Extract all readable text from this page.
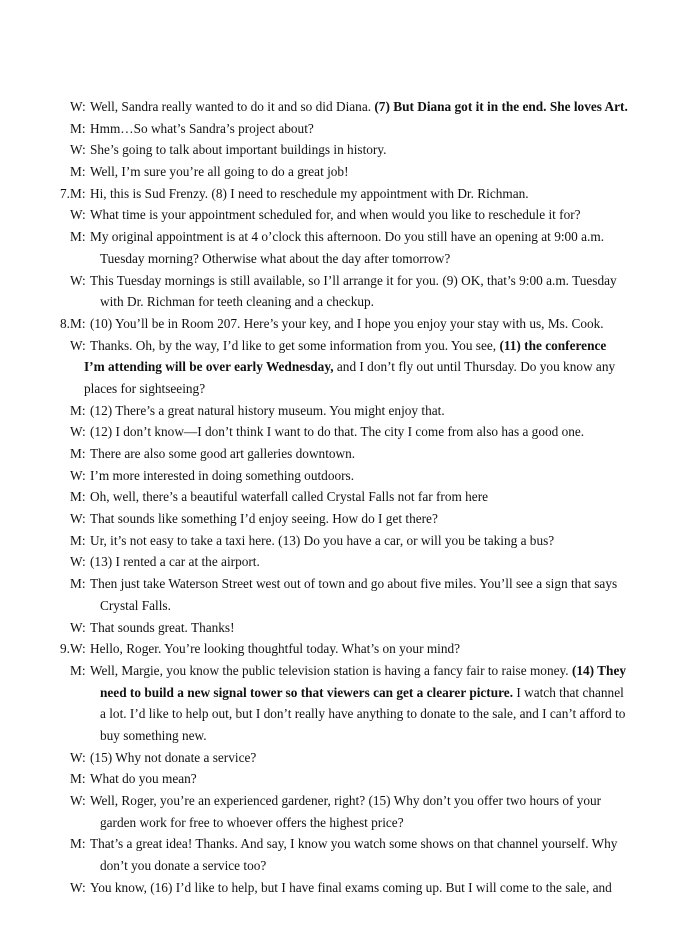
W: Well, Sandra really wanted to do it and so did Diana. (7) But Diana got it in the end. She loves Art.
M: Hmm…So what’s Sandra’s project about?
W: She’s going to talk about important buildings in history.
M: Well, I’m sure you’re all going to do a great job!
7. M: Hi, this is Sud Frenzy. (8) I need to reschedule my appointment with Dr. Richman.
W: What time is your appointment scheduled for, and when would you like to reschedule it for?
M: My original appointment is at 4 o’clock this afternoon. Do you still have an opening at 9:00 a.m.
Tuesday morning? Otherwise what about the day after tomorrow?
W: This Tuesday mornings is still available, so I’ll arrange it for you. (9) OK, that’s 9:00 a.m. Tuesday
with Dr. Richman for teeth cleaning and a checkup.
8. M: (10) You’ll be in Room 207. Here’s your key, and I hope you enjoy your stay with us, Ms. Cook.
W: Thanks. Oh, by the way, I’d like to get some information from you. You see, (11) the conference
I’m attending will be over early Wednesday, and I don’t fly out until Thursday. Do you know any
places for sightseeing?
M: (12) There’s a great natural history museum. You might enjoy that.
W: (12) I don’t know—I don’t think I want to do that. The city I come from also has a good one.
M: There are also some good art galleries downtown.
W: I’m more interested in doing something outdoors.
M: Oh, well, there’s a beautiful waterfall called Crystal Falls not far from here
W: That sounds like something I’d enjoy seeing. How do I get there?
M: Ur, it’s not easy to take a taxi here. (13) Do you have a car, or will you be taking a bus?
W: (13) I rented a car at the airport.
M: Then just take Waterson Street west out of town and go about five miles. You’ll see a sign that says
Crystal Falls.
W: That sounds great. Thanks!
9. W: Hello, Roger. You’re looking thoughtful today. What’s on your mind?
M: Well, Margie, you know the public television station is having a fancy fair to raise money. (14) They
need to build a new signal tower so that viewers can get a clearer picture. I watch that channel
a lot. I’d like to help out, but I don’t really have anything to donate to the sale, and I can’t afford to
buy something new.
W: (15) Why not donate a service?
M: What do you mean?
W: Well, Roger, you’re an experienced gardener, right? (15) Why don’t you offer two hours of your
garden work for free to whoever offers the highest price?
M: That’s a great idea! Thanks. And say, I know you watch some shows on that channel yourself. Why
don’t you donate a service too?
W: You know, (16) I’d like to help, but I have final exams coming up. But I will come to the sale, and
